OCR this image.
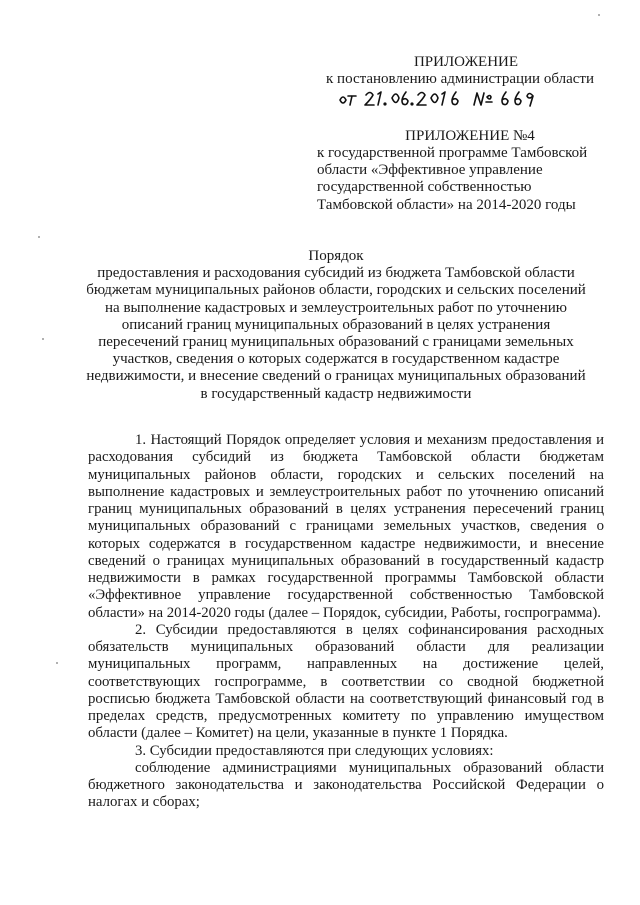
ПРИЛОЖЕНИЕ
к постановлению администрации области
ПРИЛОЖЕНИЕ №4
к государственной программе Тамбовской
области «Эффективное управление
государственной собственностью
Тамбовской области» на 2014-2020 годы
Порядок
предоставления и расходования субсидий из бюджета Тамбовской области
бюджетам муниципальных районов области, городских и сельских поселений
на выполнение кадастровых и землеустроительных работ по уточнению
описаний границ муниципальных образований в целях устранения
пересечений границ муниципальных образований с границами земельных
участков, сведения о которых содержатся в государственном кадастре
недвижимости, и внесение сведений о границах муниципальных образований
в государственный кадастр недвижимости

1. Настоящий Порядок определяет условия и механизм предоставления и расходования субсидий из бюджета Тамбовской области бюджетам муниципальных районов области, городских и сельских поселений на выполнение кадастровых и землеустроительных работ по уточнению описаний границ муниципальных образований в целях устранения пересечений границ муниципальных образований с границами земельных участков, сведения о которых содержатся в государственном кадастре недвижимости, и внесение сведений о границах муниципальных образований в государственный кадастр недвижимости в рамках государственной программы Тамбовской области «Эффективное управление государственной собственностью Тамбовской области» на 2014-2020 годы (далее – Порядок, субсидии, Работы, госпрограмма).

2. Субсидии предоставляются в целях софинансирования расходных обязательств муниципальных образований области для реализации муниципальных программ, направленных на достижение целей, соответствующих госпрограмме, в соответствии со сводной бюджетной росписью бюджета Тамбовской области на соответствующий финансовый год в пределах средств, предусмотренных комитету по управлению имуществом области (далее – Комитет) на цели, указанные в пункте 1 Порядка.

3. Субсидии предоставляются при следующих условиях:

соблюдение администрациями муниципальных образований области бюджетного законодательства и законодательства Российской Федерации о налогах и сборах;
